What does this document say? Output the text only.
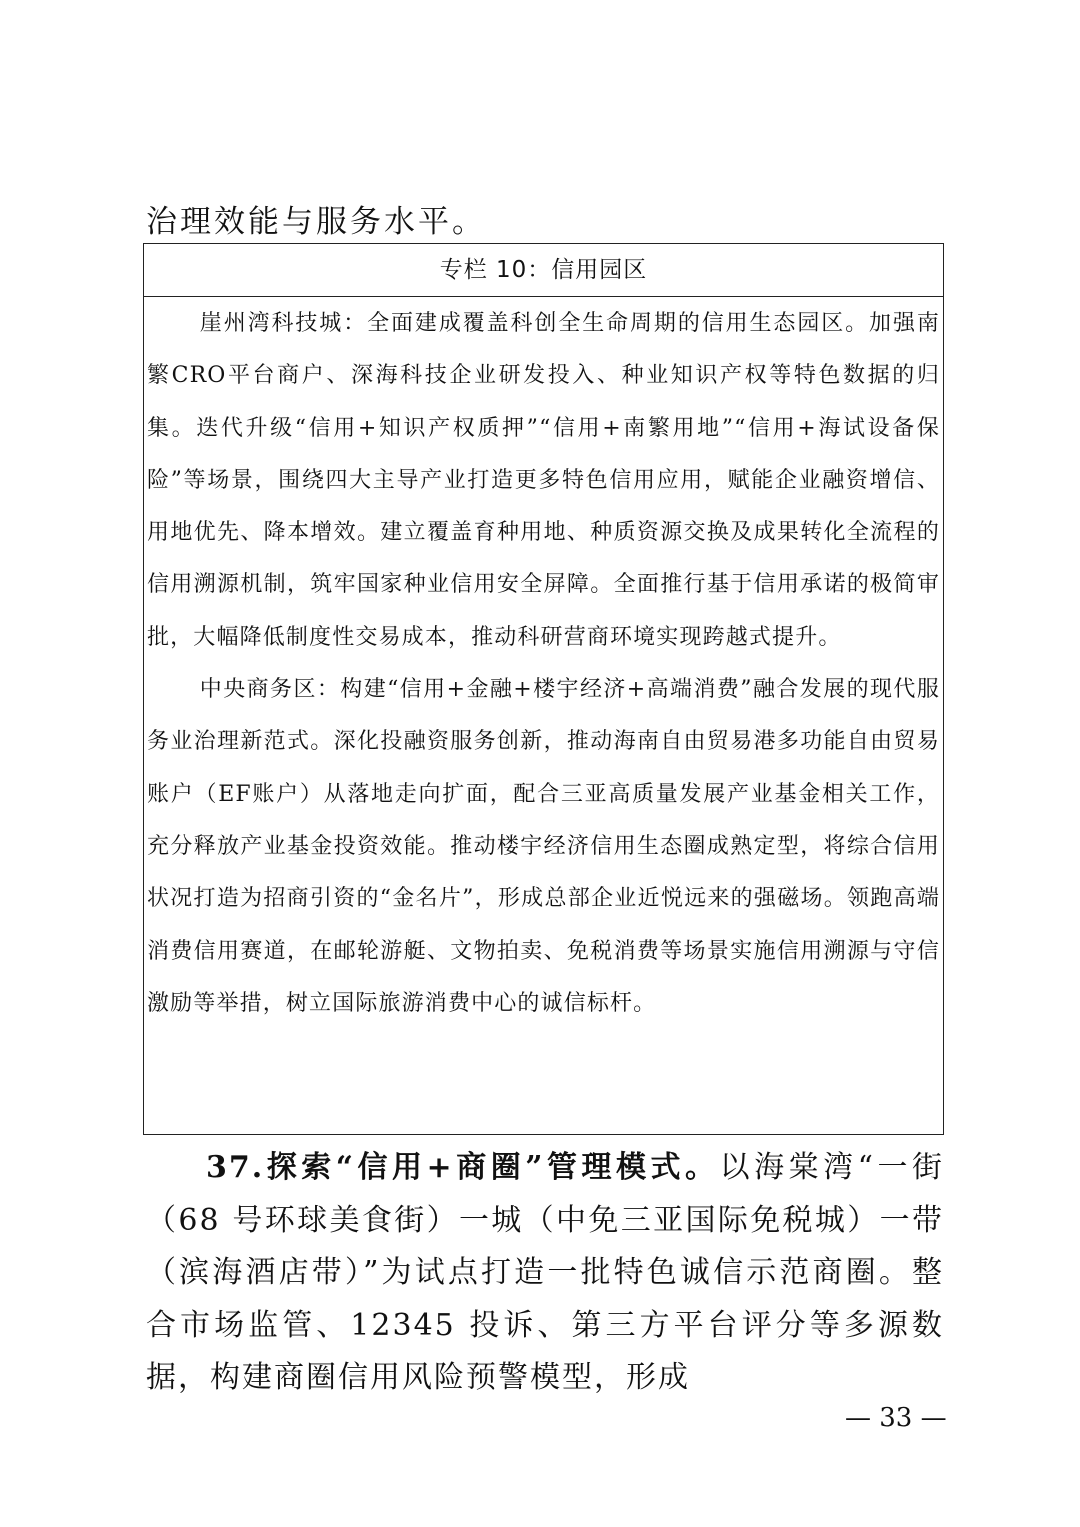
治理效能与服务水平。
专栏 10：信用园区

崖州湾科技城：全面建成覆盖科创全生命周期的信用生态园区。加强南繁CRO平台商户、深海科技企业研发投入、种业知识产权等特色数据的归集。迭代升级“信用+知识产权质押”“信用+南繁用地”“信用+海试设备保险”等场景，围绕四大主导产业打造更多特色信用应用，赋能企业融资增信、用地优先、降本增效。建立覆盖育种用地、种质资源交换及成果转化全流程的信用溯源机制，筑牢国家种业信用安全屏障。全面推行基于信用承诺的极简审批，大幅降低制度性交易成本，推动科研营商环境实现跨越式提升。

中央商务区：构建“信用+金融+楼宇经济+高端消费”融合发展的现代服务业治理新范式。深化投融资服务创新，推动海南自由贸易港多功能自由贸易账户（EF账户）从落地走向扩面，配合三亚高质量发展产业基金相关工作，充分释放产业基金投资效能。推动楼宇经济信用生态圈成熟定型，将综合信用状况打造为招商引资的“金名片”，形成总部企业近悦远来的强磁场。领跑高端消费信用赛道，在邮轮游艇、文物拍卖、免税消费等场景实施信用溯源与守信激励等举措，树立国际旅游消费中心的诚信标杆。

37.探索“信用+商圈”管理模式。以海棠湾“一街（68 号环球美食街）一城（中免三亚国际免税城）一带（滨海酒店带）”为试点打造一批特色诚信示范商圈。整合市场监管、12345 投诉、第三方平台评分等多源数据，构建商圈信用风险预警模型，形成
— 33 —
